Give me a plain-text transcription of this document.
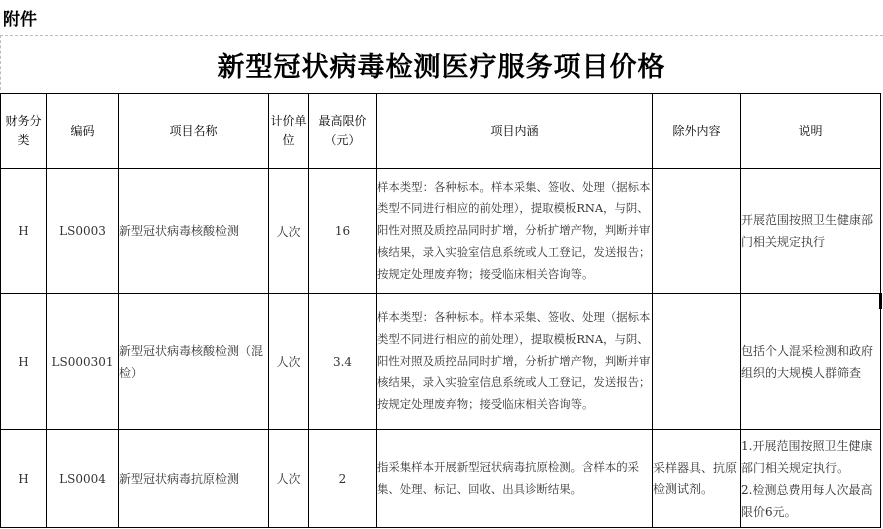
附件
新型冠状病毒检测医疗服务项目价格
财务分类	编码	项目名称	计价单位	最高限价（元）	项目内涵	除外内容	说明
H	LS0003	新型冠状病毒核酸检测	人次	16	样本类型：各种标本。样本采集、签收、处理（据标本类型不同进行相应的前处理），提取模板RNA，与阴、阳性对照及质控品同时扩增，分析扩增产物，判断并审核结果，录入实验室信息系统或人工登记，发送报告；按规定处理废弃物；接受临床相关咨询等。		开展范围按照卫生健康部门相关规定执行
H	LS000301	新型冠状病毒核酸检测（混检）	人次	3.4	样本类型：各种标本。样本采集、签收、处理（据标本类型不同进行相应的前处理），提取模板RNA，与阴、阳性对照及质控品同时扩增，分析扩增产物，判断并审核结果，录入实验室信息系统或人工登记，发送报告；按规定处理废弃物；接受临床相关咨询等。		包括个人混采检测和政府组织的大规模人群筛查
H	LS0004	新型冠状病毒抗原检测	人次	2	指采集样本开展新型冠状病毒抗原检测。含样本的采集、处理、标记、回收、出具诊断结果。	采样器具、抗原检测试剂。	1.开展范围按照卫生健康部门相关规定执行。
2.检测总费用每人次最高限价6元。
